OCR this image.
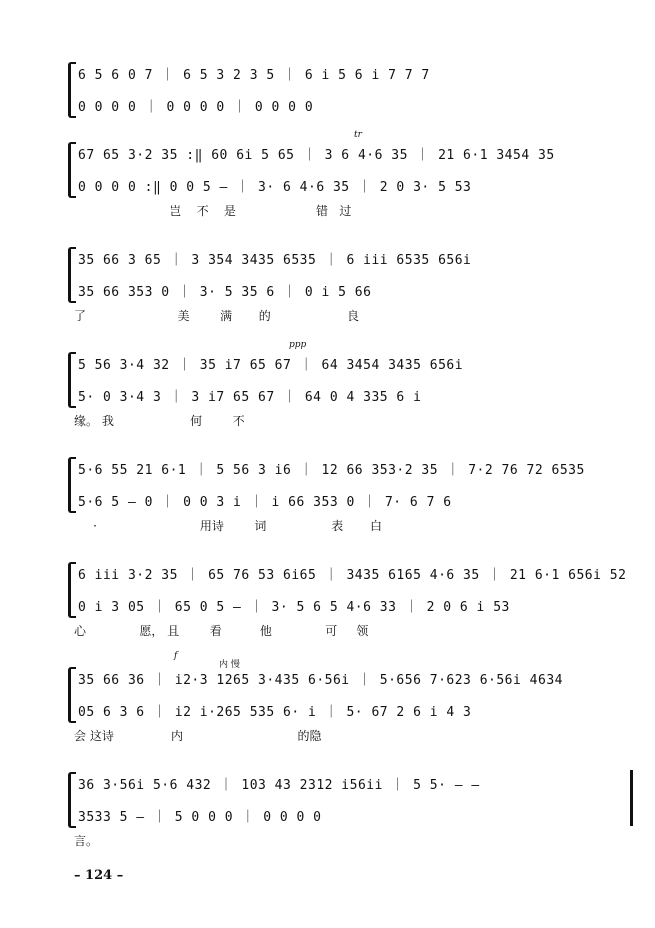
6 5 6 0 7 ｜ 6 5 3 2 3 5 ｜ 6 i 5 6 i 7 7 7
0 0 0 0 ｜ 0 0 0 0 ｜ 0 0 0 0
tr
67 65 3·2 35 :‖ 60 6i 5 65 ｜ 3 6 4·6 35 ｜ 21 6·1 3454 35
0 0 0 0 :‖ 0 0 5 – ｜ 3· 6 4·6 35 ｜ 2 0 3· 5 53
岂    不    是                     错   过
35 66 3 65 ｜ 3 354 3435 6535 ｜ 6 iii 6535 656i
35 66 353 0 ｜ 3· 5 35 6 ｜ 0 i 5 66
了                        美        满       的                    良
ppp
5 56 3·4 32 ｜ 35 i7 65 67 ｜ 64 3454 3435 656i
5· 0 3·4 3 ｜ 3 i7 65 67 ｜ 64 0 4 335 6 i
缘。 我                    何        不
5·6 55 21 6·1 ｜ 5 56 3 i6 ｜ 12 66 353·2 35 ｜ 7·2 76 72 6535
5·6 5 – 0 ｜ 0 0 3 i ｜ i 66 353 0 ｜ 7· 6 7 6
·                           用诗        词                 表       白
6 iii 3·2 35 ｜ 65 76 53 6i65 ｜ 3435 6165 4·6 35 ｜ 21 6·1 656i 52
0 i 3 05 ｜ 65 0 5 – ｜ 3· 5 6 5 4·6 33 ｜ 2 0 6 i 53
心              愿， 且        看          他              可     领
f
内 慢
35 66 36 ｜ i2·3 1265 3·435 6·56i ｜ 5·656 7·623 6·56i 4634
05 6 3 6 ｜ i2 i·265 535 6· i ｜ 5· 67 2 6 i 4 3
会 这诗               内                              的隐
36 3·56i 5·6 432 ｜ 103 43 2312 i56ii ｜ 5 5· – –
3533 5 – ｜ 5 0 0 0 ｜ 0 0 0 0
言。
– 124 –
